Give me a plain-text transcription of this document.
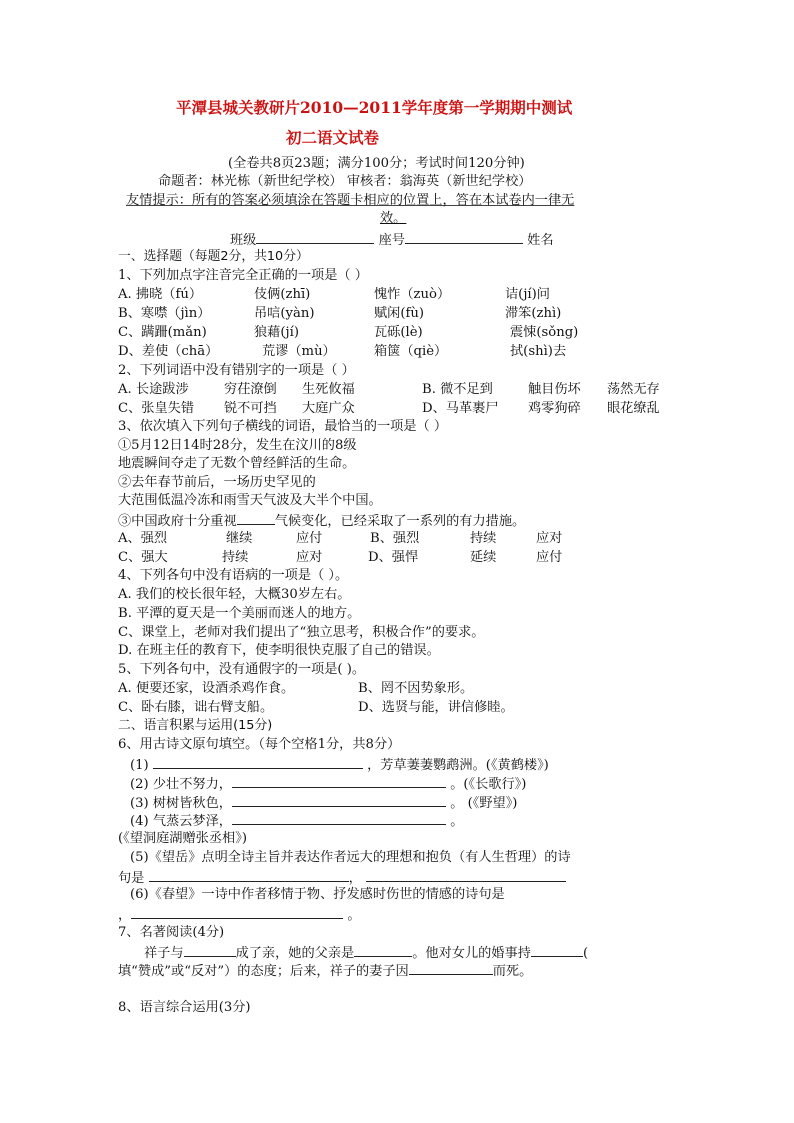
平潭县城关教研片2010—2011学年度第一学期期中测试
初二语文试卷
(全卷共8页23题；满分100分；考试时间120分钟)
命题者：林光栋（新世纪学校） 审核者：翁海英（新世纪学校）
友情提示：所有的答案必须填涂在答题卡相应的位置上，答在本试卷内一律无
效。
班级	座号	姓名
一、选择题（每题2分，共10分）
1、下列加点字注音完全正确的一项是（ ）
A. 拂晓（fú）	伎俩(zhī)	愧怍（zuò）	诘(jí)问
B、寒噤（jìn）	吊唁(yàn)	赋闲(fù)	滞笨(zhì)
C、蹒跚(mǎn)	狼藉(jí)	瓦砾(lè)	震悚(sǒng)
D、差使（chā）	荒谬（mù）	箱箧（qiè）	拭(shì)去
2、下列词语中没有错别字的一项是（ ）
A. 长途跋涉	穷茌潦倒 生死攸福	B. 微不足到	触目伤坏 荡然无存
C、张皇失错 锐不可挡 大庭广众	D、马革裹尸 鸡零狗碎 眼花缭乱
3、依次填入下列句子横线的词语，最恰当的一项是（ ）
①5月12日14时28分，发生在汶川的8级
地震瞬间夺走了无数个曾经鲜活的生命。
②去年春节前后，一场历史罕见的
大范围低温冷冻和雨雪天气波及大半个中国。
③中国政府十分重视	气候变化，已经采取了一系列的有力措施。
A、强烈	继续	应付	B、强烈	持续	应对
C、强大	持续	应对	D、强悍	延续	应付
4、下列各句中没有语病的一项是（ ）。
A. 我们的校长很年轻，大概30岁左右。
B. 平潭的夏天是一个美丽而迷人的地方。
C、课堂上，老师对我们提出了“独立思考，积极合作”的要求。
D. 在班主任的教育下，使李明很快克服了自己的错误。
5、下列各句中，没有通假字的一项是( )。
A. 便要还家，设酒杀鸡作食。	B、罔不因势象形。
C、卧右膝，诎右臂支船。	D、选贤与能，讲信修睦。
二、语言积累与运用(15分)
6、用古诗文原句填空。（每个空格1分，共8分）
(1)	，芳草萋萋鹦鹉洲。(《黄鹤楼》)
(2) 少壮不努力，	。(《长歌行》)
(3) 树树皆秋色，	。 (《野望》)
(4) 气蒸云梦泽，	。
(《望洞庭湖赠张丞相》)
(5)《望岳》点明全诗主旨并表达作者远大的理想和抱负（有人生哲理）的诗
句是	，
(6)《春望》一诗中作者移情于物、抒发感时伤世的情感的诗句是
，	。
7、名著阅读(4分)
祥子与	成了亲，她的父亲是	。他对女儿的婚事持	(
填“赞成”或“反对”）的态度；后来，祥子的妻子因	而死。
8、语言综合运用(3分)
